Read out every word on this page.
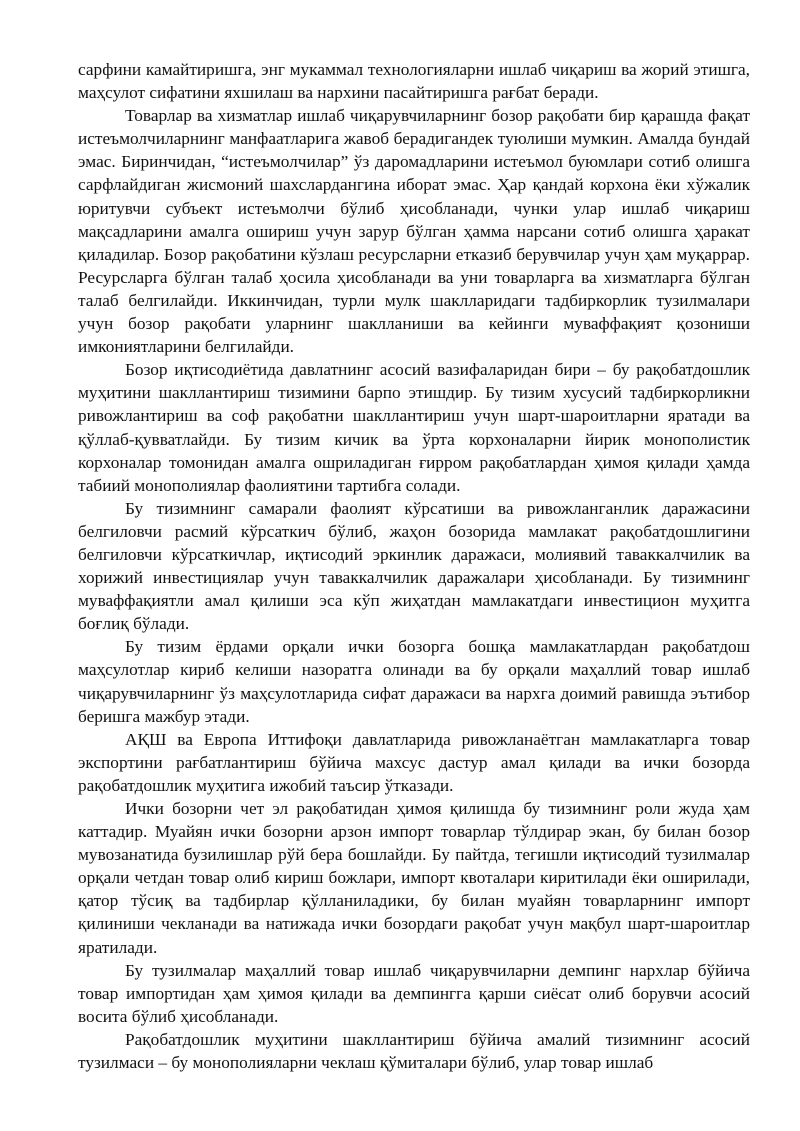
сарфини камайтиришга, энг мукаммал технологияларни ишлаб чиқариш ва жорий этишга, маҳсулот сифатини яхшилаш ва нархини пасайтиришга рағбат беради.

Товарлар ва хизматлар ишлаб чиқарувчиларнинг бозор рақобати бир қарашда фақат истеъмолчиларнинг манфаатларига жавоб берадигандек туюлиши мумкин. Амалда бундай эмас. Биринчидан, “истеъмолчилар” ўз даромадларини истеъмол буюмлари сотиб олишга сарфлайдиган жисмоний шахслардангина иборат эмас. Ҳар қандай корхона ёки хўжалик юритувчи субъект истеъмолчи бўлиб ҳисобланади, чунки улар ишлаб чиқариш мақсадларини амалга ошириш учун зарур бўлган ҳамма нарсани сотиб олишга ҳаракат қиладилар. Бозор рақобатини кўзлаш ресурсларни етказиб берувчилар учун ҳам муқаррар. Ресурсларга бўлган талаб ҳосила ҳисобланади ва уни товарларга ва хизматларга бўлган талаб белгилайди. Иккинчидан, турли мулк шаклларидаги тадбиркорлик тузилмалари учун бозор рақобати уларнинг шаклланиши ва кейинги муваффақият қозониши имкониятларини белгилайди.

Бозор иқтисодиётида давлатнинг асосий вазифаларидан бири – бу рақобатдошлик муҳитини шакллантириш тизимини барпо этишдир. Бу тизим хусусий тадбиркорликни ривожлантириш ва соф рақобатни шакллантириш учун шарт-шароитларни яратади ва қўллаб-қувватлайди. Бу тизим кичик ва ўрта корхоналарни йирик монополистик корхоналар томонидан амалга ошриладиган ғирром рақобатлардан ҳимоя қилади ҳамда табиий монополиялар фаолиятини тартибга солади.

Бу тизимнинг самарали фаолият кўрсатиши ва ривожланганлик даражасини белгиловчи расмий кўрсаткич бўлиб, жаҳон бозорида мамлакат рақобатдошлигини белгиловчи кўрсаткичлар, иқтисодий эркинлик даражаси, молиявий таваккалчилик ва хорижий инвестициялар учун таваккалчилик даражалари ҳисобланади. Бу тизимнинг муваффақиятли амал қилиши эса кўп жиҳатдан мамлакатдаги инвестицион муҳитга боғлиқ бўлади.

Бу тизим ёрдами орқали ички бозорга бошқа мамлакатлардан рақобатдош маҳсулотлар кириб келиши назоратга олинади ва бу орқали маҳаллий товар ишлаб чиқарувчиларнинг ўз маҳсулотларида сифат даражаси ва нархга доимий равишда эътибор беришга мажбур этади.

АҚШ ва Европа Иттифоқи давлатларида ривожланаётган мамлакатларга товар экспортини рағбатлантириш бўйича махсус дастур амал қилади ва ички бозорда рақобатдошлик муҳитига ижобий таъсир ўтказади.

Ички бозорни чет эл рақобатидан ҳимоя қилишда бу тизимнинг роли жуда ҳам каттадир. Муайян ички бозорни арзон импорт товарлар тўлдирар экан, бу билан бозор мувозанатида бузилишлар рўй бера бошлайди. Бу пайтда, тегишли иқтисодий тузилмалар орқали четдан товар олиб кириш божлари, импорт квоталари киритилади ёки оширилади, қатор тўсиқ ва тадбирлар қўлланиладики, бу билан муайян товарларнинг импорт қилиниши чекланади ва натижада ички бозордаги рақобат учун мақбул шарт-шароитлар яратилади.

Бу тузилмалар маҳаллий товар ишлаб чиқарувчиларни демпинг нархлар бўйича товар импортидан ҳам ҳимоя қилади ва демпингга қарши сиёсат олиб борувчи асосий восита бўлиб ҳисобланади.

Рақобатдошлик муҳитини шакллантириш бўйича амалий тизимнинг асосий тузилмаси – бу монополияларни чеклаш қўмиталари бўлиб, улар товар ишлаб
